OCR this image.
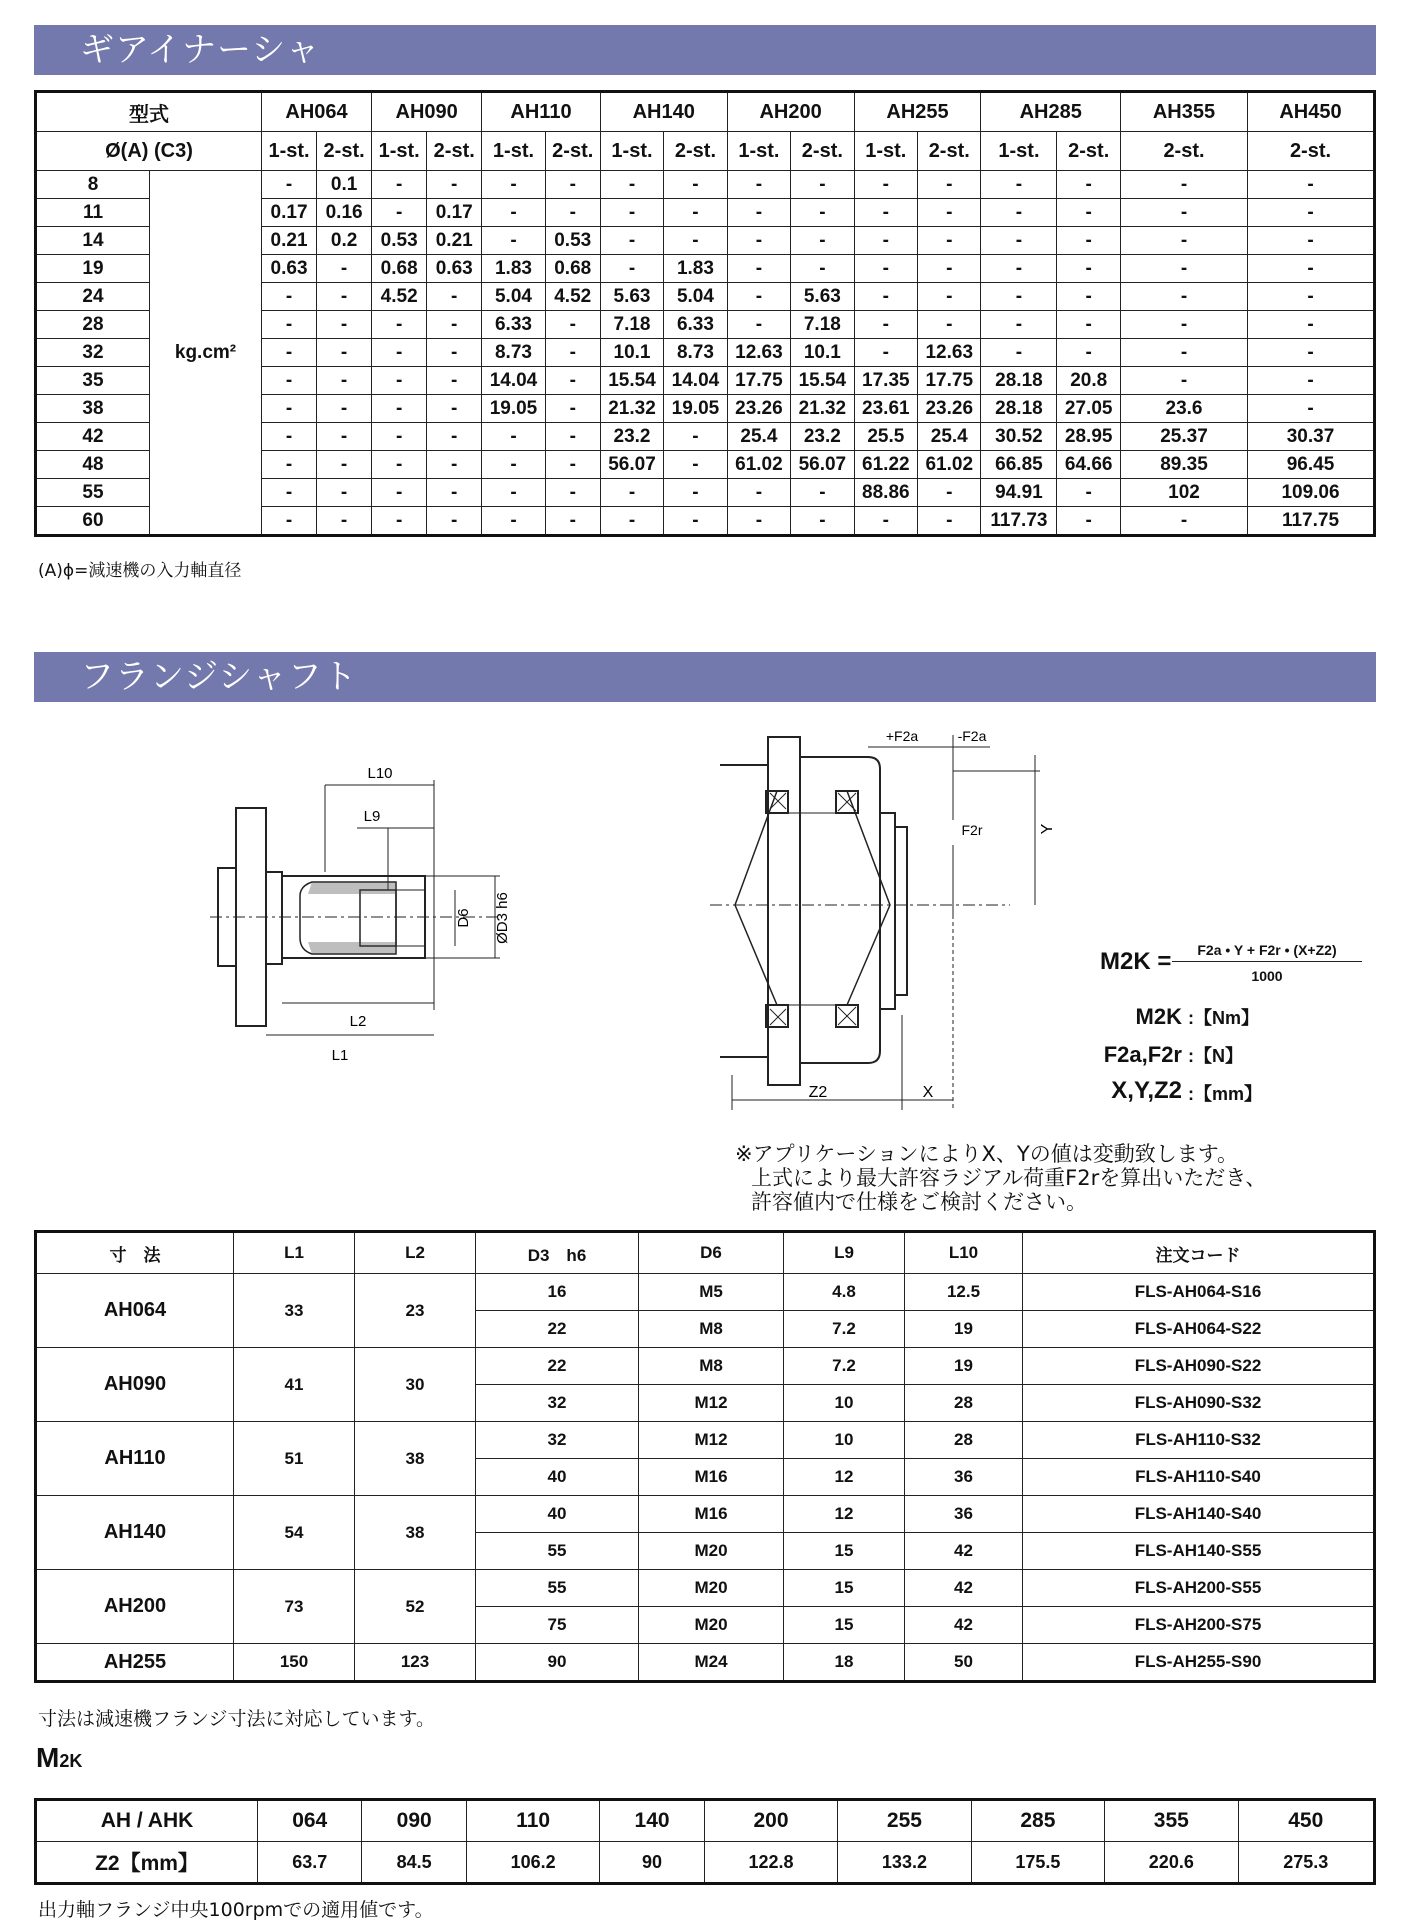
ギアイナーシャ
型式		AH064		AH090		AH110		AH140		AH200		AH255		AH285		AH355	AH450
Ø(A) (C3)		1-st.	2-st.	1-st.	2-st.	1-st.	2-st.	1-st.	2-st.	1-st.	2-st.	1-st.	2-st.	1-st.	2-st.	2-st.	2-st.
8	kg.cm²	-	0.1	-	-	-	-	-	-	-	-	-	-	-	-	-	-
11		0.17	0.16	-	0.17	-	-	-	-	-	-	-	-	-	-	-	-
14		0.21	0.2	0.53	0.21	-	0.53	-	-	-	-	-	-	-	-	-	-
19		0.63	-	0.68	0.63	1.83	0.68	-	1.83	-	-	-	-	-	-	-	-
24		-	-	4.52	-	5.04	4.52	5.63	5.04	-	5.63	-	-	-	-	-	-
28		-	-	-	-	6.33	-	7.18	6.33	-	7.18	-	-	-	-	-	-
32		-	-	-	-	8.73	-	10.1	8.73	12.63	10.1	-	12.63	-	-	-	-
35		-	-	-	-	14.04	-	15.54	14.04	17.75	15.54	17.35	17.75	28.18	20.8	-	-
38		-	-	-	-	19.05	-	21.32	19.05	23.26	21.32	23.61	23.26	28.18	27.05	23.6	-
42		-	-	-	-	-	-	23.2	-	25.4	23.2	25.5	25.4	30.52	28.95	25.37	30.37
48		-	-	-	-	-	-	56.07	-	61.02	56.07	61.22	61.02	66.85	64.66	89.35	96.45
55		-	-	-	-	-	-	-	-	-	-	88.86	-	94.91	-	102	109.06
60		-	-	-	-	-	-	-	-	-	-	-	-	117.73	-	-	117.75
(A)ϕ=減速機の入力軸直径
フランジシャフト
L10
L9
D6 ØD3 h6
L2
L1
+F2a	-F2a
F2r	Y
Z2	X
M2K =	F2a • Y + F2r • (X+Z2)
1000
M2K :【Nm】
F2a,F2r :【N】
X,Y,Z2 :【mm】
※アプリケーションによりX、Yの値は変動致します。
上式により最大許容ラジアル荷重F2rを算出いただき、
許容値内で仕様をご検討ください。
寸　法	L1	L2	D3　h6	D6	L9	L10	注文コード
AH064	33	23	16	M5	4.8	12.5	FLS-AH064-S16
			22	M8	7.2	19	FLS-AH064-S22
AH090	41	30	22	M8	7.2	19	FLS-AH090-S22
			32	M12	10	28	FLS-AH090-S32
AH110	51	38	32	M12	10	28	FLS-AH110-S32
			40	M16	12	36	FLS-AH110-S40
AH140	54	38	40	M16	12	36	FLS-AH140-S40
			55	M20	15	42	FLS-AH140-S55
AH200	73	52	55	M20	15	42	FLS-AH200-S55
			75	M20	15	42	FLS-AH200-S75
AH255	150	123	90	M24	18	50	FLS-AH255-S90
寸法は減速機フランジ寸法に対応しています。
M2K
AH / AHK	064	090	110	140	200	255	285	355	450
Z2【mm】	63.7	84.5	106.2	90	122.8	133.2	175.5	220.6	275.3
出力軸フランジ中央100rpmでの適用値です。
